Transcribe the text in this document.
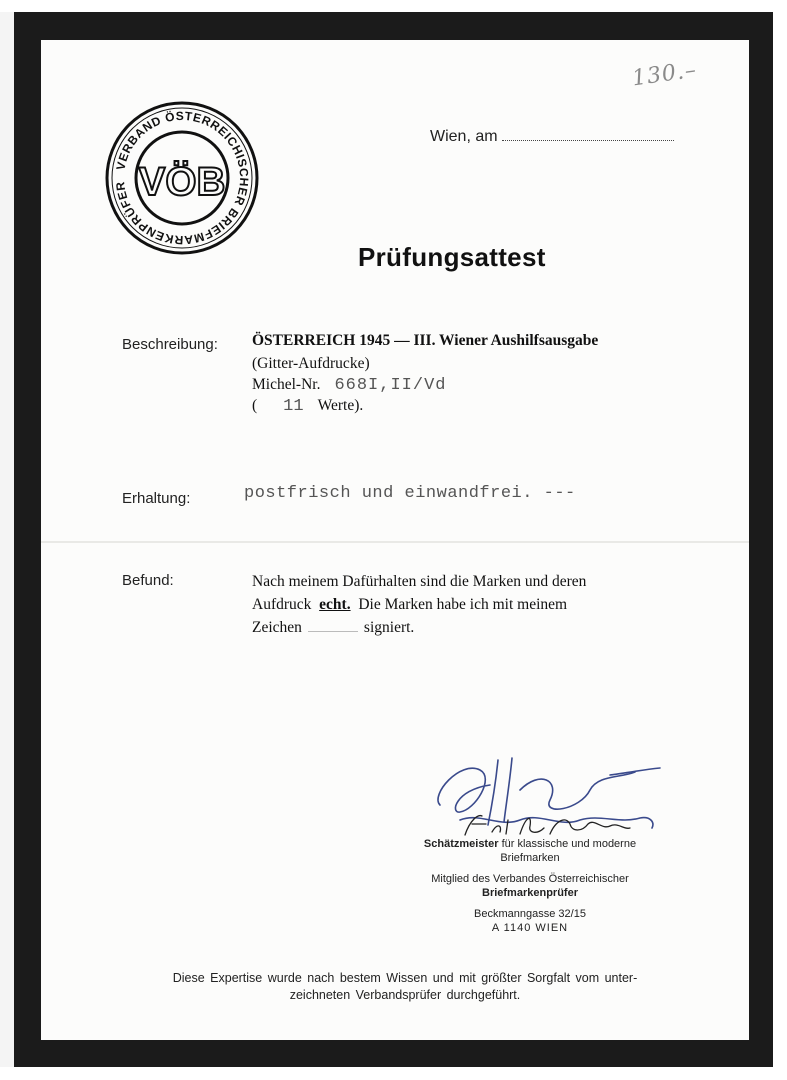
130.–
VERBAND ÖSTERREICHISCHER BRIEFMARKENPRÜFER VÖB
Wien, am
Prüfungsattest
Beschreibung: ÖSTERREICH 1945 — III. Wiener Aushilfsausgabe
(Gitter-Aufdrucke)
Michel-Nr. 668I,II/Vd
( 11 Werte).
Erhaltung:	postfrisch und einwandfrei. ---
Befund:	Nach meinem Dafürhalten sind die Marken und deren

Aufdruck echt. Die Marken habe ich mit meinem

Zeichen	signiert.

Schätzmeister für klassische und moderne
Briefmarken
Mitglied des Verbandes Österreichischer
Briefmarkenprüfer
Beckmanngasse 32/15
A 1140 WIEN
Diese Expertise wurde nach bestem Wissen und mit größter Sorgfalt vom unter-
zeichneten Verbandsprüfer durchgeführt.
